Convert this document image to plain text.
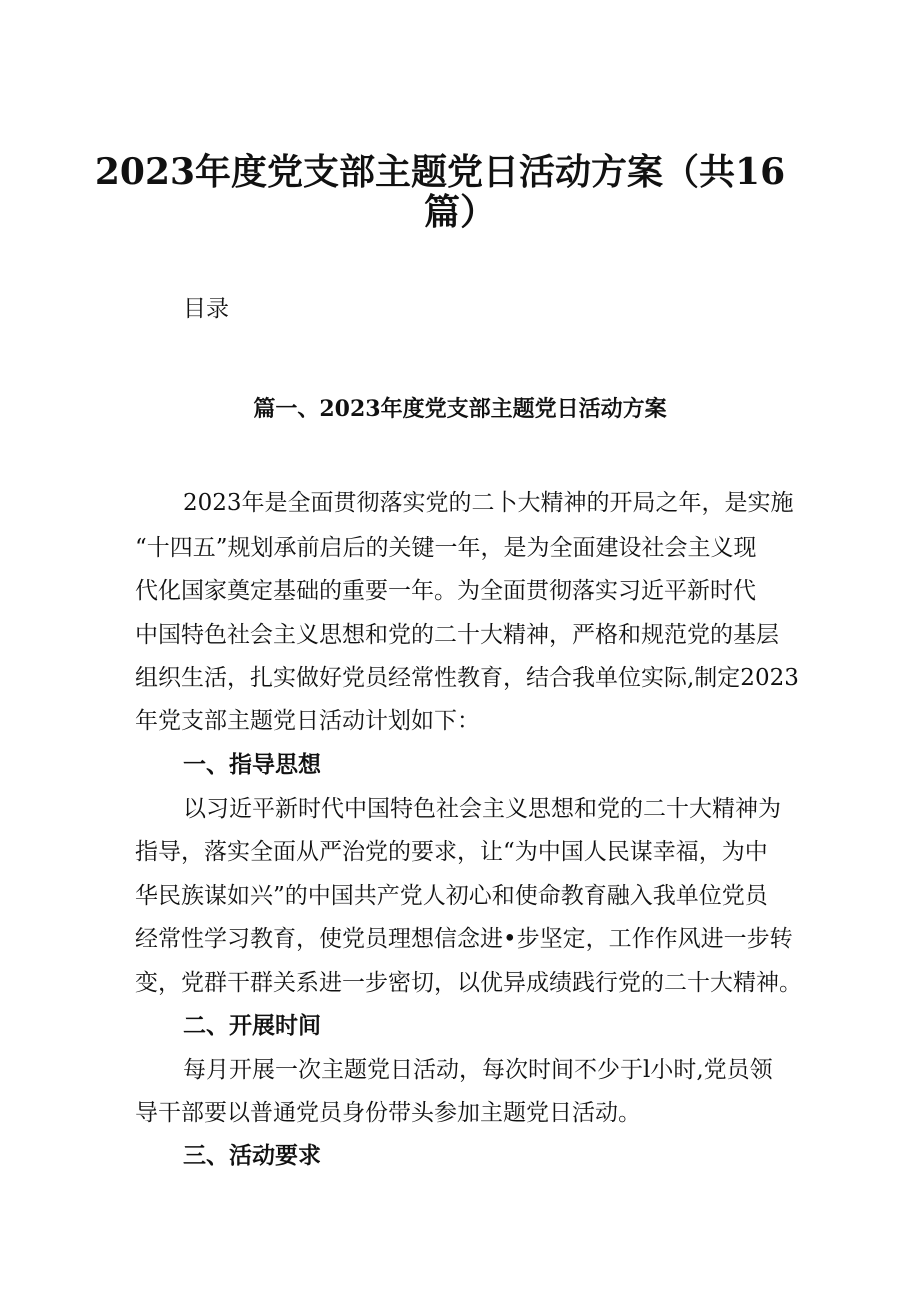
2023年度党支部主题党日活动方案（共16
篇）
目录
篇一、2023年度党支部主题党日活动方案
2023年是全面贯彻落实党的二卜大精神的开局之年，是实施
“十四五”规划承前启后的关键一年，是为全面建设社会主义现
代化国家奠定基础的重要一年。为全面贯彻落实习近平新时代
中国特色社会主义思想和党的二十大精神，严格和规范党的基层
组织生活，扎实做好党员经常性教育，结合我单位实际,制定2023
年党支部主题党日活动计划如下：
一、指导思想
以习近平新时代中国特色社会主义思想和党的二十大精神为
指导，落实全面从严治党的要求，让“为中国人民谋幸福，为中
华民族谋如兴”的中国共产党人初心和使命教育融入我单位党员
经常性学习教育，使党员理想信念进•步坚定，工作作风进一步转
变，党群干群关系进一步密切，以优异成绩践行党的二十大精神。
二、开展时间
每月开展一次主题党日活动，每次时间不少于l小时,党员领
导干部要以普通党员身份带头参加主题党日活动。
三、活动要求
